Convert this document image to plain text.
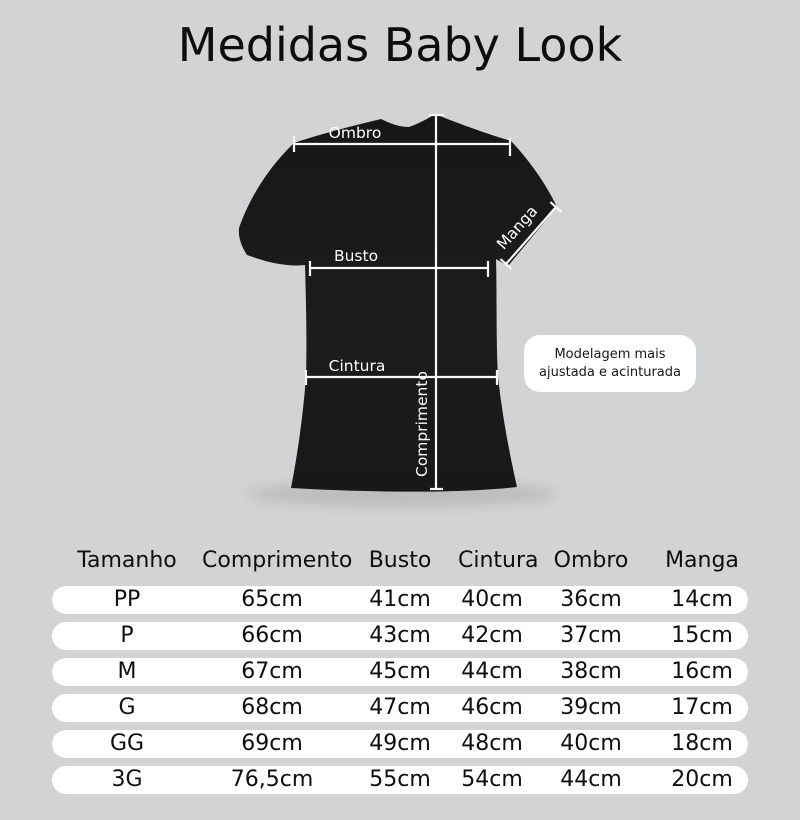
Medidas Baby Look
Ombro
Comprimento
Busto
Cintura
Manga
Modelagem mais
ajustada e acinturada
Tamanho	Comprimento Busto	Cintura Ombro	Manga
PP	65cm	41cm	40cm	36cm	14cm
P	66cm	43cm	42cm	37cm	15cm
M	67cm	45cm	44cm	38cm	16cm
G	68cm	47cm	46cm	39cm	17cm
GG	69cm	49cm	48cm	40cm	18cm
3G	76,5cm	55cm	54cm	44cm	20cm
